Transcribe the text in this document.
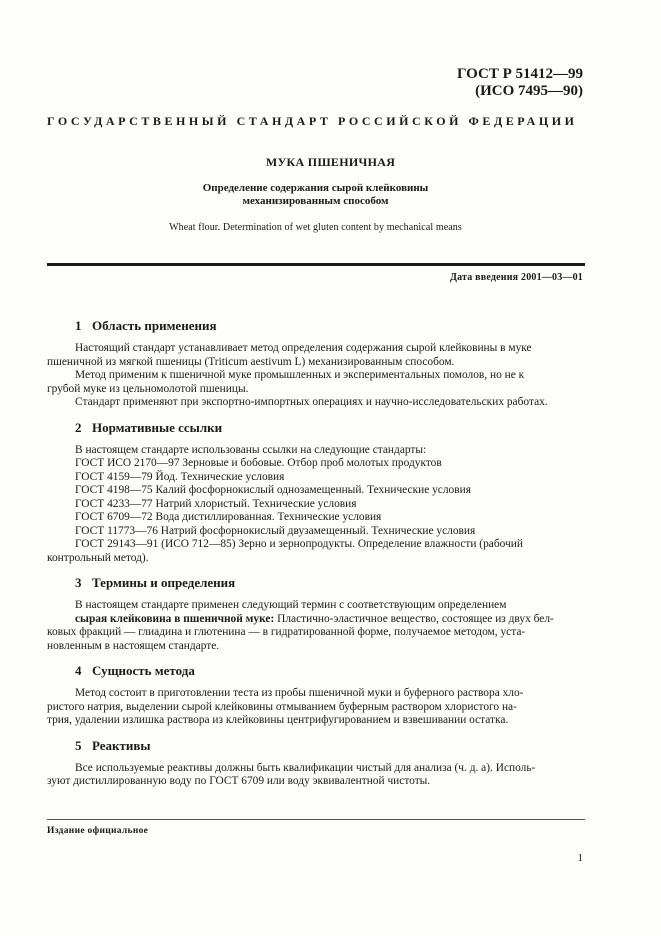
ГОСТ Р 51412—99
(ИСО 7495—90)
ГОСУДАРСТВЕННЫЙ СТАНДАРТ РОССИЙСКОЙ ФЕДЕРАЦИИ
МУКА ПШЕНИЧНАЯ
Определение содержания сырой клейковины
механизированным способом
Wheat flour. Determination of wet gluten content by mechanical means
Дата введения 2001—03—01
1 Область применения

Настоящий стандарт устанавливает метод определения содержания сырой клейковины в муке

пшеничной из мягкой пшеницы (Triticum aestivum L) механизированным способом.

Метод применим к пшеничной муке промышленных и экспериментальных помолов, но не к

грубой муке из цельномолотой пшеницы.

Стандарт применяют при экспортно-импортных операциях и научно-исследовательских работах.

2 Нормативные ссылки

В настоящем стандарте использованы ссылки на следующие стандарты:

ГОСТ ИСО 2170—97 Зерновые и бобовые. Отбор проб молотых продуктов

ГОСТ 4159—79 Йод. Технические условия

ГОСТ 4198—75 Калий фосфорнокислый однозамещенный. Технические условия

ГОСТ 4233—77 Натрий хлористый. Технические условия

ГОСТ 6709—72 Вода дистиллированная. Технические условия

ГОСТ 11773—76 Натрий фосфорнокислый двузамещенный. Технические условия

ГОСТ 29143—91 (ИСО 712—85) Зерно и зернопродукты. Определение влажности (рабочий

контрольный метод).

3 Термины и определения

В настоящем стандарте применен следующий термин с соответствующим определением

сырая клейковина в пшеничной муке: Пластично-эластичное вещество, состоящее из двух бел-

ковых фракций — глиадина и глютенина — в гидратированной форме, получаемое методом, уста-

новленным в настоящем стандарте.

4 Сущность метода

Метод состоит в приготовлении теста из пробы пшеничной муки и буферного раствора хло-

ристого натрия, выделении сырой клейковины отмыванием буферным раствором хлористого на-

трия, удалении излишка раствора из клейковины центрифугированием и взвешивании остатка.

5 Реактивы

Все используемые реактивы должны быть квалификации чистый для анализа (ч. д. а). Исполь-

зуют дистиллированную воду по ГОСТ 6709 или воду эквивалентной чистоты.

Издание официальное
1
